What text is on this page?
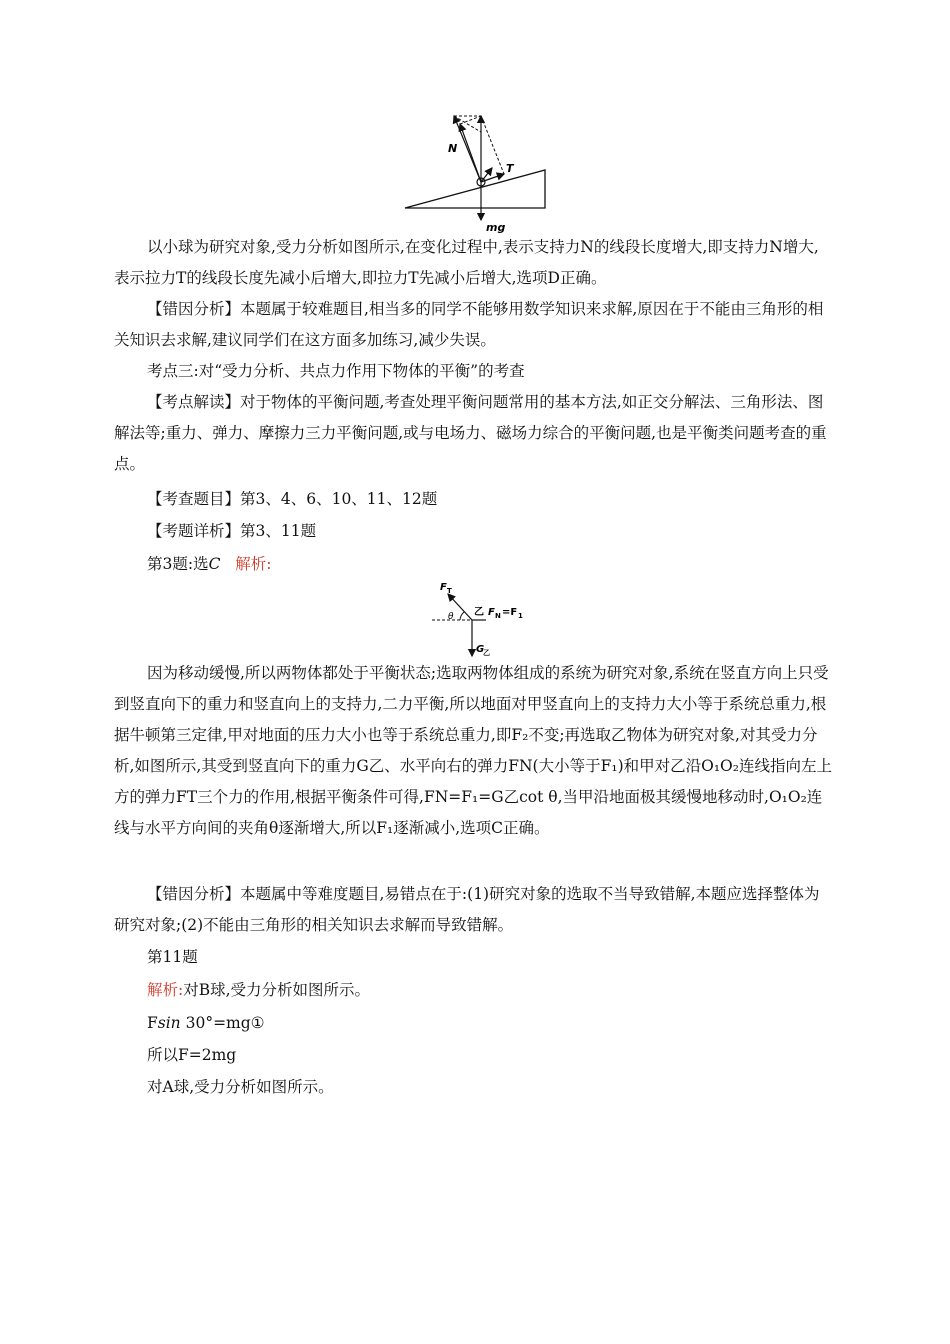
N
T
mg

以小球为研究对象,受力分析如图所示,在变化过程中,表示支持力N的线段长度增大,即支持力N增大,表示拉力T的线段长度先减小后增大,即拉力T先减小后增大,选项D正确。

【错因分析】本题属于较难题目,相当多的同学不能够用数学知识来求解,原因在于不能由三角形的相关知识去求解,建议同学们在这方面多加练习,减少失误。

考点三:对“受力分析、共点力作用下物体的平衡”的考查

【考点解读】对于物体的平衡问题,考查处理平衡问题常用的基本方法,如正交分解法、三角形法、图解法等;重力、弹力、摩擦力三力平衡问题,或与电场力、磁场力综合的平衡问题,也是平衡类问题考查的重点。

【考查题目】第3、4、6、10、11、12题

【考题详析】第3、11题

第3题:选C 解析:

F T
θ 乙 F N =F 1
G
乙

因为移动缓慢,所以两物体都处于平衡状态;选取两物体组成的系统为研究对象,系统在竖直方向上只受到竖直向下的重力和竖直向上的支持力,二力平衡,所以地面对甲竖直向上的支持力大小等于系统总重力,根据牛顿第三定律,甲对地面的压力大小也等于系统总重力,即F₂不变;再选取乙物体为研究对象,对其受力分析,如图所示,其受到竖直向下的重力G乙、水平向右的弹力FN(大小等于F₁)和甲对乙沿O₁O₂连线指向左上方的弹力FT三个力的作用,根据平衡条件可得,FN=F₁=G乙cot θ,当甲沿地面极其缓慢地移动时,O₁O₂连线与水平方向间的夹角θ逐渐增大,所以F₁逐渐减小,选项C正确。

【错因分析】本题属中等难度题目,易错点在于:(1)研究对象的选取不当导致错解,本题应选择整体为研究对象;(2)不能由三角形的相关知识去求解而导致错解。

第11题
解析:对B球,受力分析如图所示。
Fsin 30°=mg①
所以F=2mg
对A球,受力分析如图所示。
